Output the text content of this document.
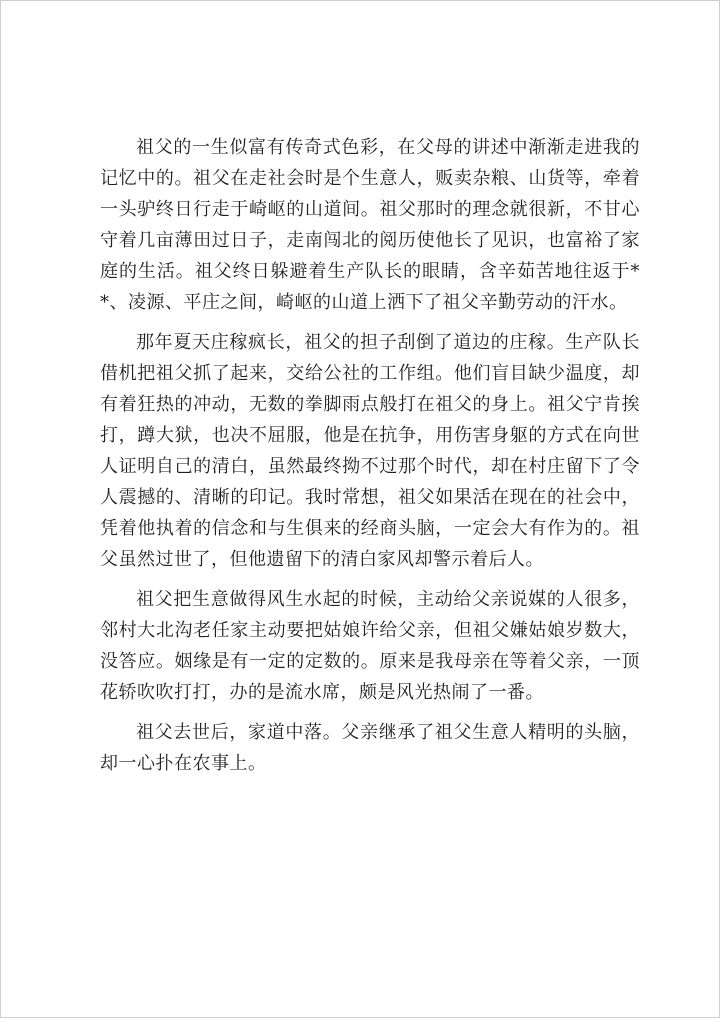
祖父的一生似富有传奇式色彩，在父母的讲述中渐渐走进我的记忆中的。祖父在走社会时是个生意人，贩卖杂粮、山货等，牵着一头驴终日行走于崎岖的山道间。祖父那时的理念就很新，不甘心守着几亩薄田过日子，走南闯北的阅历使他长了见识，也富裕了家庭的生活。祖父终日躲避着生产队长的眼睛，含辛茹苦地往返于**、凌源、平庄之间，崎岖的山道上洒下了祖父辛勤劳动的汗水。

那年夏天庄稼疯长，祖父的担子刮倒了道边的庄稼。生产队长借机把祖父抓了起来，交给公社的工作组。他们盲目缺少温度，却有着狂热的冲动，无数的拳脚雨点般打在祖父的身上。祖父宁肯挨打，蹲大狱，也决不屈服，他是在抗争，用伤害身躯的方式在向世人证明自己的清白，虽然最终拗不过那个时代，却在村庄留下了令人震撼的、清晰的印记。我时常想，祖父如果活在现在的社会中，凭着他执着的信念和与生俱来的经商头脑，一定会大有作为的。祖父虽然过世了，但他遗留下的清白家风却警示着后人。

祖父把生意做得风生水起的时候，主动给父亲说媒的人很多，邻村大北沟老任家主动要把姑娘许给父亲，但祖父嫌姑娘岁数大，没答应。姻缘是有一定的定数的。原来是我母亲在等着父亲，一顶花轿吹吹打打，办的是流水席，颇是风光热闹了一番。

祖父去世后，家道中落。父亲继承了祖父生意人精明的头脑，却一心扑在农事上。
